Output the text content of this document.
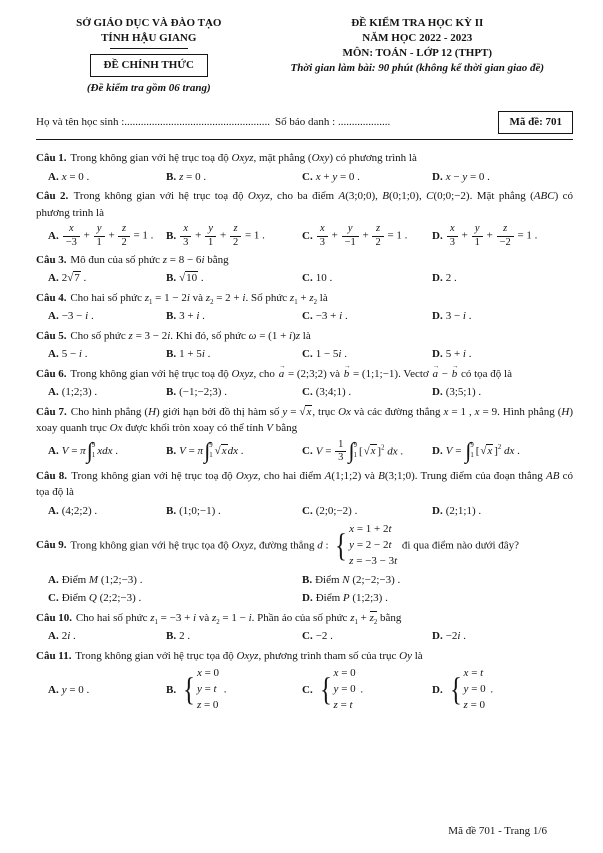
SỞ GIÁO DỤC VÀ ĐÀO TẠO
TỈNH HẬU GIANG
ĐỀ CHÍNH THỨC
(Đề kiểm tra gồm 06 trang)
ĐỀ KIỂM TRA HỌC KỲ II
NĂM HỌC 2022 - 2023
MÔN: TOÁN - LỚP 12 (THPT)
Thời gian làm bài: 90 phút (không kể thời gian giao đề)
Họ và tên học sinh :..................................................... Số báo danh : ...................	Mã đề: 701

Câu 1. Trong không gian với hệ trục toạ độ Oxyz, mặt phẳng (Oxy) có phương trình là

A. x = 0 .	B. z = 0 .	C. x + y = 0 .	D. x − y = 0 .

Câu 2. Trong không gian với hệ trục toạ độ Oxyz, cho ba điểm A(3;0;0), B(0;1;0), C(0;0;−2). Mặt phẳng (ABC) có phương trình là

A. $\frac{x}{-3} + \frac{y}{1} + \frac{z}{2} = 1$ .	B. $\frac{x}{3} + \frac{y}{1} + \frac{z}{2} = 1$ .	C. $\frac{x}{3} + \frac{y}{-1} + \frac{z}{2} = 1$ .	D. $\frac{x}{3} + \frac{y}{1} + \frac{z}{-2} = 1$ .

Câu 3. Mô đun của số phức z = 8 − 6i bằng

A. 2√7 .	B. √10 .	C. 10 .	D. 2 .

Câu 4. Cho hai số phức $z_1 = 1 - 2i$ và $z_2 = 2 + i$. Số phức $z_1 + z_2$ là

A. −3 − i .	B. 3 + i .	C. −3 + i .	D. 3 − i .

Câu 5. Cho số phức z = 3 − 2i. Khi đó, số phức ω = (1 + i)z là

A. 5 − i .	B. 1 + 5i .	C. 1 − 5i .	D. 5 + i .

Câu 6. Trong không gian với hệ trục toạ độ Oxyz, cho
→
a = (2;3;2) và
→
b = (1;1;−1). Vectơ
→
a −
→
b có tọa độ là

A. (1;2;3) .	B. (−1;−2;3) .	C. (3;4;1) .	D. (3;5;1) .

Câu 7. Cho hình phẳng (H) giới hạn bởi đồ thị hàm số y = √x, trục Ox và các đường thẳng x = 1 , x = 9. Hình phẳng (H) xoay quanh trục Ox được khối tròn xoay có thể tính V bằng

A. V = π ∫ 9
1 xdx .	B. V = π ∫ 9
1 √xdx .	C. $V = \frac{1}{3}$ ∫ 9
1 [ √x ]$^2$ dx .	D. V = ∫ 9
1 [ √x ]$^2$ dx .

Câu 8. Trong không gian với hệ trục toạ độ Oxyz, cho hai điểm A(1;1;2) và B(3;1;0). Trung điểm của đoạn thẳng AB có tọa độ là

A. (4;2;2) .	B. (1;0;−1) .	C. (2;0;−2) .	D. (2;1;1) .

Câu 9. Trong không gian với hệ trục tọa độ Oxyz, đường thẳng d : { x = 1 + 2t
y = 2 − 2t
z = −3 − 3t
đi qua điểm nào dưới đây?

A. Điểm M (1;2;−3) .	B. Điểm N (2;−2;−3) .
C. Điểm Q (2;2;−3) .	D. Điểm P (1;2;3) .

Câu 10. Cho hai số phức $z_1 = -3 + i$ và $z_2 = 1 - i$. Phần ảo của số phức $z_1 + z_2$ bằng

A. 2i .	B. 2 .	C. −2 .	D. −2i .

Câu 11. Trong không gian với hệ trục tọa độ Oxyz, phương trình tham số của trục Oy là

A. y = 0 .	B. { x = 0
y = t
z = 0
.	C. { x = 0
y = 0
z = t
.	D. { x = t
y = 0
z = 0
.
Mã đề 701 - Trang 1/6
